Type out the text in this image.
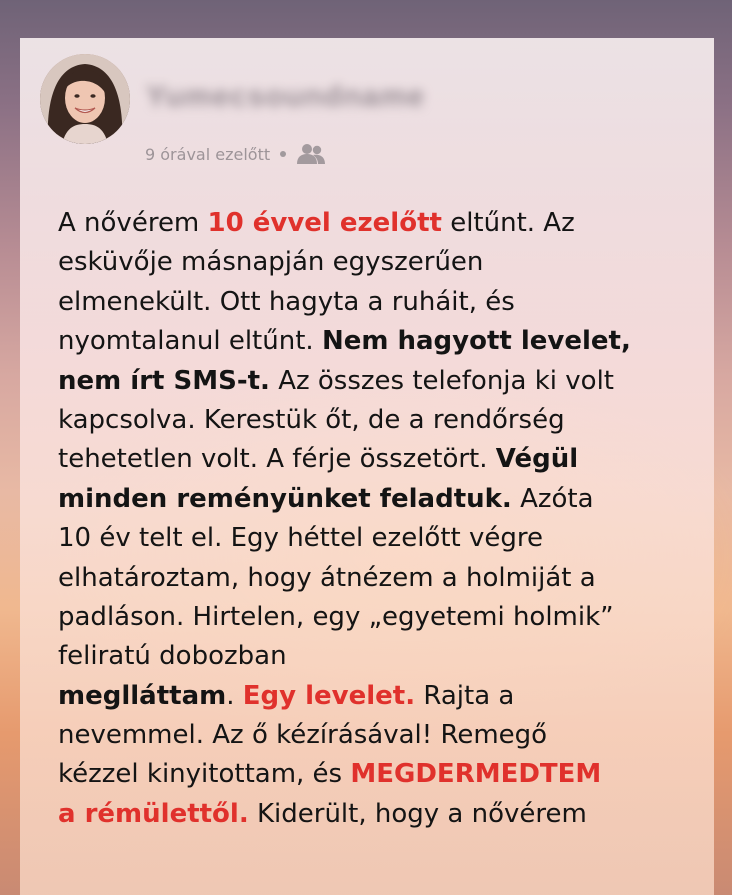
Yumecsoundname
9 órával ezelőtt
A nővérem 10 évvel ezelőtt eltűnt. Az
esküvője másnapján egyszerűen
elmenekült. Ott hagyta a ruháit, és
nyomtalanul eltűnt. Nem hagyott levelet,
nem írt SMS-t. Az összes telefonja ki volt
kapcsolva. Kerestük őt, de a rendőrség
tehetetlen volt. A férje összetört. Végül
minden reményünket feladtuk. Azóta
10 év telt el. Egy héttel ezelőtt végre
elhatároztam, hogy átnézem a holmiját a
padláson. Hirtelen, egy „egyetemi holmik”
feliratú dobozban
meglláttam. Egy levelet. Rajta a
nevemmel. Az ő kézírásával! Remegő
kézzel kinyitottam, és MEGDERMEDTEM
a rémülettől. Kiderült, hogy a nővérem
